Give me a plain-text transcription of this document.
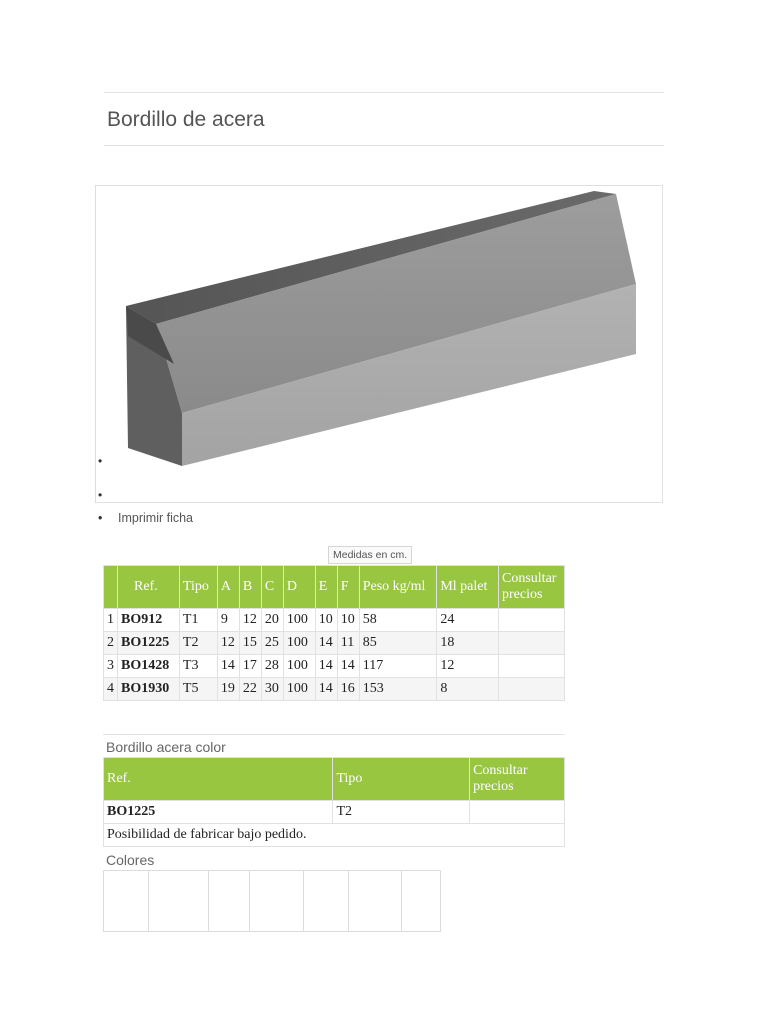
Bordillo de acera
•
•
• Imprimir ficha
Medidas en cm.
	Ref.	Tipo	A	B	C	D	E	F	Peso kg/ml	Ml palet	Consultar precios
1	BO912	T1	9	12	20	100	10	10	58	24	
2	BO1225	T2	12	15	25	100	14	11	85	18	
3	BO1428	T3	14	17	28	100	14	14	117	12	
4	BO1930	T5	19	22	30	100	14	16	153	8	
Bordillo acera color
Ref.	Tipo	Consultar precios
BO1225	T2	
Posibilidad de fabricar bajo pedido.		
Colores
